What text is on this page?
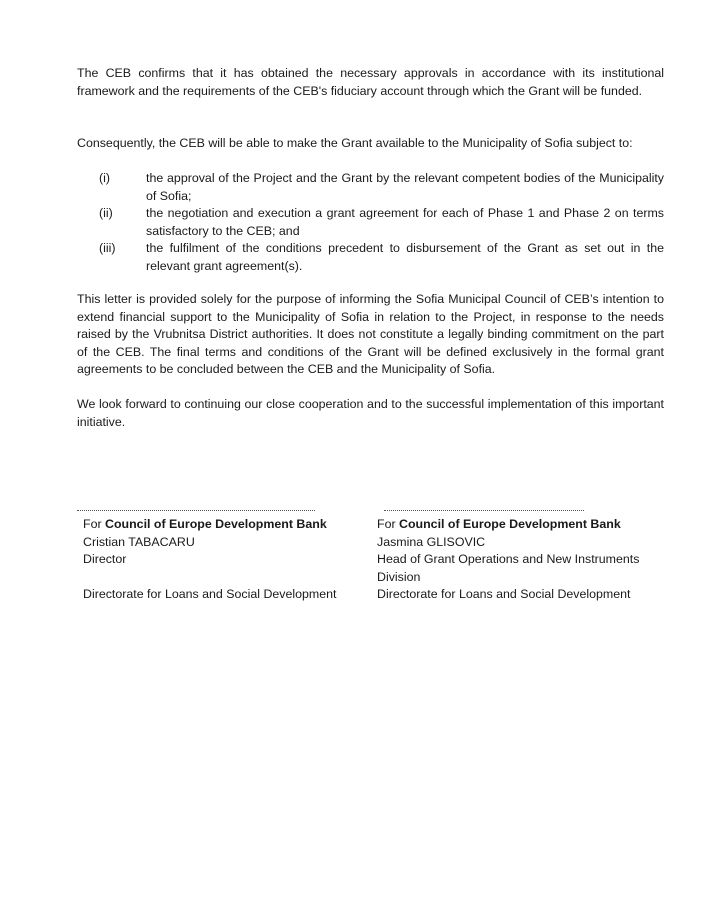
The CEB confirms that it has obtained the necessary approvals in accordance with its institutional framework and the requirements of the CEB's fiduciary account through which the Grant will be funded.

Consequently, the CEB will be able to make the Grant available to the Municipality of Sofia subject to:

(i)	the approval of the Project and the Grant by the relevant competent bodies of the Municipality of Sofia;
(ii)	the negotiation and execution a grant agreement for each of Phase 1 and Phase 2 on terms satisfactory to the CEB; and
(iii) the fulfilment of the conditions precedent to disbursement of the Grant as set out in the relevant grant agreement(s).

This letter is provided solely for the purpose of informing the Sofia Municipal Council of CEB’s intention to extend financial support to the Municipality of Sofia in relation to the Project, in response to the needs raised by the Vrubnitsa District authorities. It does not constitute a legally binding commitment on the part of the CEB. The final terms and conditions of the Grant will be defined exclusively in the formal grant agreements to be concluded between the CEB and the Municipality of Sofia.

We look forward to continuing our close cooperation and to the successful implementation of this important initiative.

For Council of Europe Development Bank
Cristian TABACARU
Director
Directorate for Loans and Social Development
For Council of Europe Development Bank
Jasmina GLISOVIC
Head of Grant Operations and New Instruments
Division
Directorate for Loans and Social Development
